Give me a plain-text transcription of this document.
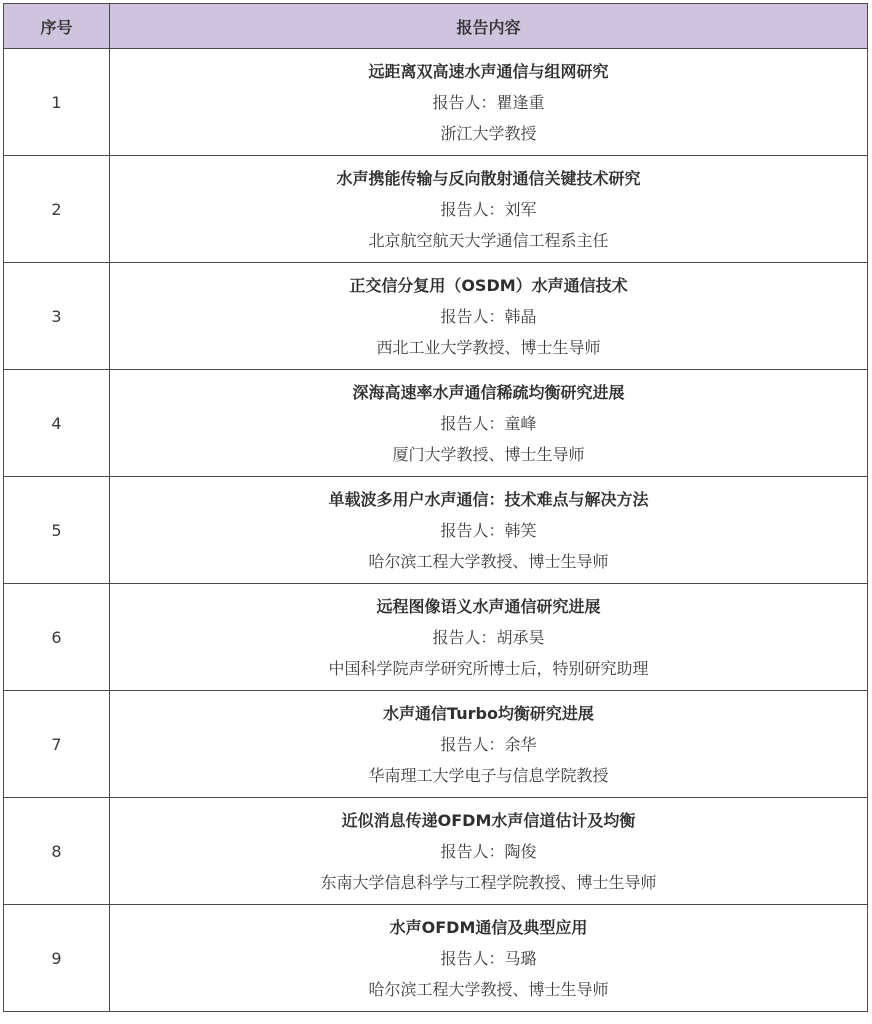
序号	报告内容
1	远距离双高速水声通信与组网研究
报告人：瞿逢重
浙江大学教授

2	水声携能传输与反向散射通信关键技术研究
报告人：刘军
北京航空航天大学通信工程系主任

3	正交信分复用（OSDM）水声通信技术
报告人：韩晶
西北工业大学教授、博士生导师

4	深海高速率水声通信稀疏均衡研究进展
报告人：童峰
厦门大学教授、博士生导师

5	单载波多用户水声通信：技术难点与解决方法
报告人：韩笑
哈尔滨工程大学教授、博士生导师

6	远程图像语义水声通信研究进展
报告人：胡承昊
中国科学院声学研究所博士后，特别研究助理

7	水声通信Turbo均衡研究进展
报告人：余华
华南理工大学电子与信息学院教授

8	近似消息传递OFDM水声信道估计及均衡
报告人：陶俊
东南大学信息科学与工程学院教授、博士生导师

9	水声OFDM通信及典型应用
报告人：马璐
哈尔滨工程大学教授、博士生导师
